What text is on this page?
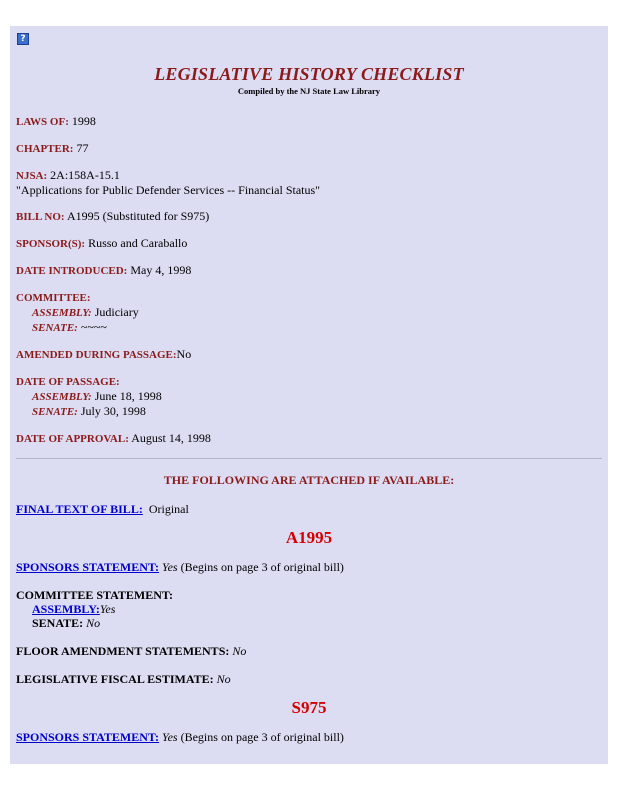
?
LEGISLATIVE HISTORY CHECKLIST
Compiled by the NJ State Law Library
LAWS OF: 1998
CHAPTER: 77
NJSA: 2A:158A-15.1
"Applications for Public Defender Services -- Financial Status"
BILL NO: A1995 (Substituted for S975)
SPONSOR(S): Russo and Caraballo
DATE INTRODUCED: May 4, 1998
COMMITTEE:
ASSEMBLY: Judiciary
SENATE: ~~~~
AMENDED DURING PASSAGE:No
DATE OF PASSAGE:
ASSEMBLY: June 18, 1998
SENATE: July 30, 1998
DATE OF APPROVAL: August 14, 1998
THE FOLLOWING ARE ATTACHED IF AVAILABLE:
FINAL TEXT OF BILL: Original
A1995
SPONSORS STATEMENT: Yes (Begins on page 3 of original bill)
COMMITTEE STATEMENT:
ASSEMBLY:Yes
SENATE: No
FLOOR AMENDMENT STATEMENTS: No
LEGISLATIVE FISCAL ESTIMATE: No
S975
SPONSORS STATEMENT: Yes (Begins on page 3 of original bill)
